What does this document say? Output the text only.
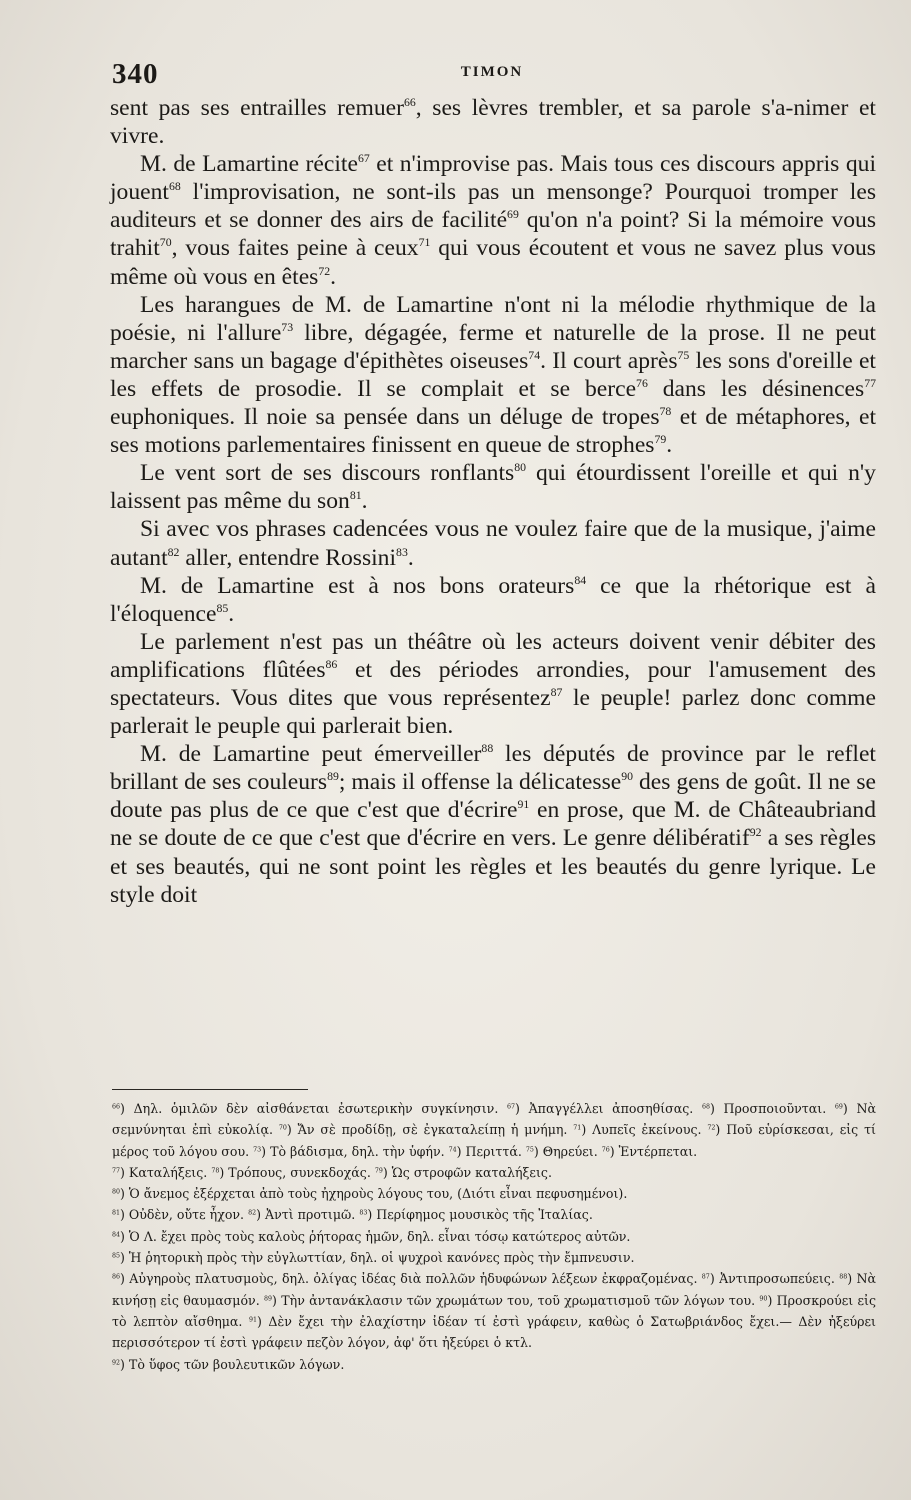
340	TIMON

sent pas ses entrailles remuer$^{66}$, ses lèvres trembler, et sa parole s'a-nimer et vivre.

M. de Lamartine récite$^{67}$ et n'improvise pas. Mais tous ces discours appris qui jouent$^{68}$ l'improvisation, ne sont-ils pas un mensonge? Pourquoi tromper les auditeurs et se donner des airs de facilité$^{69}$ qu'on n'a point? Si la mémoire vous trahit$^{70}$, vous faites peine à ceux$^{71}$ qui vous écoutent et vous ne savez plus vous même où vous en êtes$^{72}$.

Les harangues de M. de Lamartine n'ont ni la mélodie rhythmique de la poésie, ni l'allure$^{73}$ libre, dégagée, ferme et naturelle de la prose. Il ne peut marcher sans un bagage d'épithètes oiseuses$^{74}$. Il court après$^{75}$ les sons d'oreille et les effets de prosodie. Il se complait et se berce$^{76}$ dans les désinences$^{77}$ euphoniques. Il noie sa pensée dans un déluge de tropes$^{78}$ et de métaphores, et ses motions parlementaires finissent en queue de strophes$^{79}$.

Le vent sort de ses discours ronflants$^{80}$ qui étourdissent l'oreille et qui n'y laissent pas même du son$^{81}$.

Si avec vos phrases cadencées vous ne voulez faire que de la musique, j'aime autant$^{82}$ aller, entendre Rossini$^{83}$.

M. de Lamartine est à nos bons orateurs$^{84}$ ce que la rhétorique est à l'éloquence$^{85}$.

Le parlement n'est pas un théâtre où les acteurs doivent venir débiter des amplifications flûtées$^{86}$ et des périodes arrondies, pour l'amusement des spectateurs. Vous dites que vous représentez$^{87}$ le peuple! parlez donc comme parlerait le peuple qui parlerait bien.

M. de Lamartine peut émerveiller$^{88}$ les députés de province par le reflet brillant de ses couleurs$^{89}$; mais il offense la délicatesse$^{90}$ des gens de goût. Il ne se doute pas plus de ce que c'est que d'écrire$^{91}$ en prose, que M. de Châteaubriand ne se doute de ce que c'est que d'écrire en vers. Le genre délibératif$^{92}$ a ses règles et ses beautés, qui ne sont point les règles et les beautés du genre lyrique. Le style doit

$^{66}$) Δηλ. ὁμιλῶν δὲν αἰσθάνεται ἐσωτερικὴν συγκίνησιν. $^{67}$) Ἀπαγγέλλει ἀποσηθίσας. $^{68}$) Προσποιοῦνται. $^{69}$) Νὰ σεμνύνηται ἐπὶ εὐκολίᾳ. $^{70}$) Ἄν σὲ προδίδῃ, σὲ ἐγκαταλείπῃ ἡ μνήμη. $^{71}$) Λυπεῖς ἐκείνους. $^{72}$) Ποῦ εὑρίσκεσαι, εἰς τί μέρος τοῦ λόγου σου. $^{73}$) Τὸ βάδισμα, δηλ. τὴν ὑφήν. $^{74}$) Περιττά. $^{75}$) Θηρεύει. $^{76}$) Ἐντέρπεται.

$^{77}$) Καταλήξεις. $^{78}$) Τρόπους, συνεκδοχάς. $^{79}$) Ὡς στροφῶν καταλήξεις.

$^{80}$) Ὁ ἄνεμος ἐξέρχεται ἀπὸ τοὺς ἠχηροὺς λόγους του, (Διότι εἶναι πεφυσημένοι).

$^{81}$) Οὐδὲν, οὔτε ἦχον. $^{82}$) Ἀντὶ προτιμῶ. $^{83}$) Περίφημος μουσικὸς τῆς Ἰταλίας.

$^{84}$) Ὁ Λ. ἔχει πρὸς τοὺς καλοὺς ῥήτορας ἡμῶν, δηλ. εἶναι τόσῳ κατώτερος αὐτῶν.

$^{85}$) Ἡ ῥητορικὴ πρὸς τὴν εὐγλωττίαν, δηλ. οἱ ψυχροὶ κανόνες πρὸς τὴν ἔμπνευσιν.

$^{86}$) Αὐγηροὺς πλατυσμοὺς, δηλ. ὀλίγας ἰδέας διὰ πολλῶν ἡδυφώνων λέξεων ἐκφραζομένας. $^{87}$) Ἀντιπροσωπεύεις. $^{88}$) Νὰ κινήσῃ εἰς θαυμασμόν. $^{89}$) Τὴν ἀντανάκλασιν τῶν χρωμάτων του, τοῦ χρωματισμοῦ τῶν λόγων του. $^{90}$) Προσκρούει εἰς τὸ λεπτὸν αἴσθημα. $^{91}$) Δὲν ἔχει τὴν ἐλαχίστην ἰδέαν τί ἐστὶ γράφειν, καθὼς ὁ Σατωβριάνδος ἔχει.— Δὲν ἠξεύρει περισσότερον τί ἐστὶ γράφειν πεζὸν λόγον, ἀφ' ὅτι ἠξεύρει ὁ κτλ.

$^{92}$) Τὸ ὕφος τῶν βουλευτικῶν λόγων.
